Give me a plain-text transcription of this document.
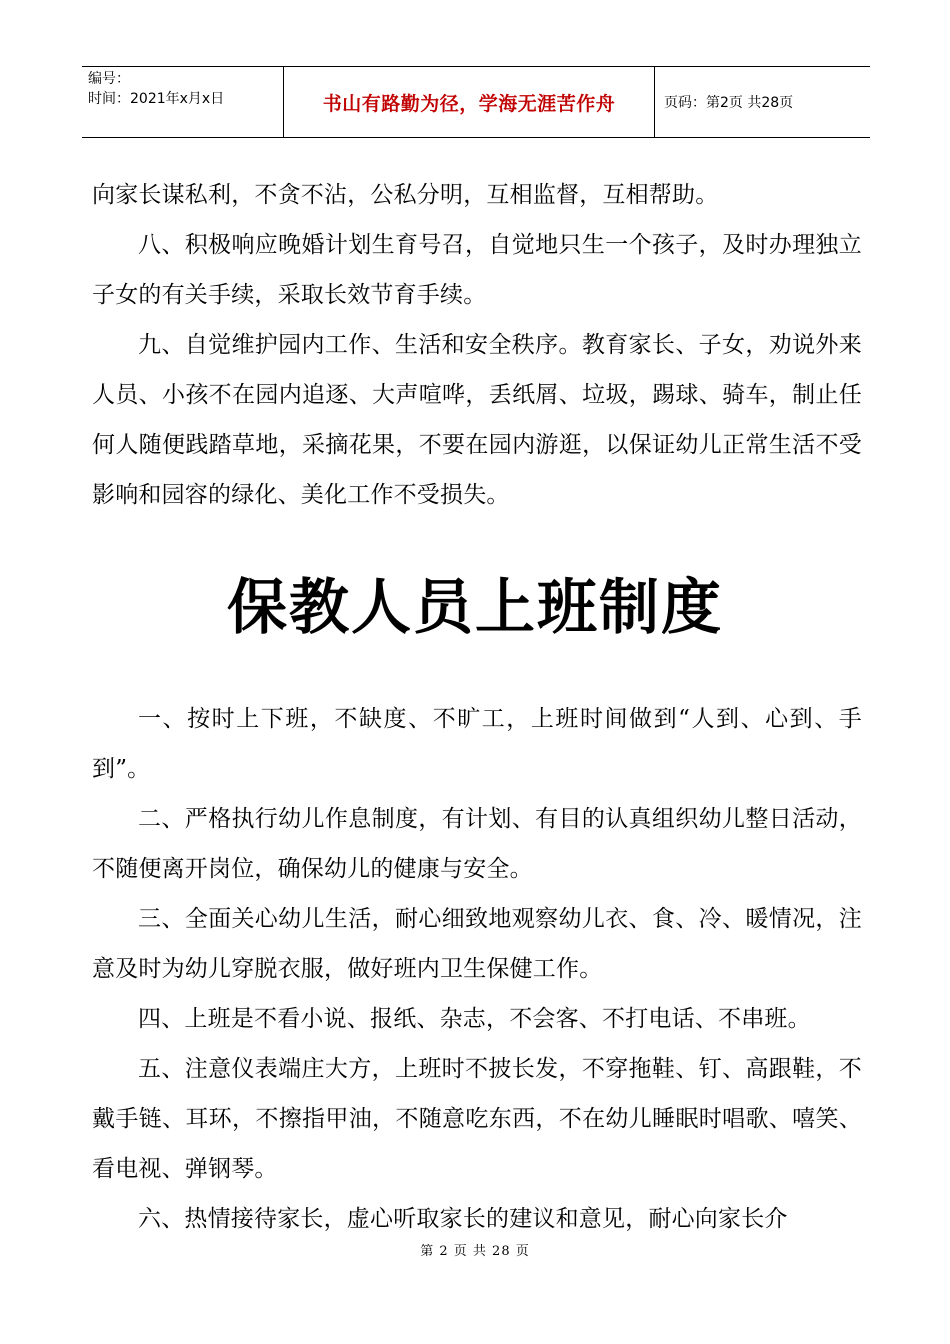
编号：
时间：2021年x月x日	书山有路勤为径，学海无涯苦作舟	页码：第2页 共28页

向家长谋私利，不贪不沾，公私分明，互相监督，互相帮助。

八、积极响应晚婚计划生育号召，自觉地只生一个孩子，及时办理独立子女的有关手续，采取长效节育手续。

九、自觉维护园内工作、生活和安全秩序。教育家长、子女，劝说外来人员、小孩不在园内追逐、大声喧哗，丢纸屑、垃圾，踢球、骑车，制止任何人随便践踏草地，采摘花果，不要在园内游逛，以保证幼儿正常生活不受影响和园容的绿化、美化工作不受损失。

保教人员上班制度

一、按时上下班，不缺度、不旷工，上班时间做到“人到、心到、手到”。

二、严格执行幼儿作息制度，有计划、有目的认真组织幼儿整日活动，不随便离开岗位，确保幼儿的健康与安全。

三、全面关心幼儿生活，耐心细致地观察幼儿衣、食、冷、暖情况，注意及时为幼儿穿脱衣服，做好班内卫生保健工作。

四、上班是不看小说、报纸、杂志，不会客、不打电话、不串班。

五、注意仪表端庄大方，上班时不披长发，不穿拖鞋、钉、高跟鞋，不戴手链、耳环，不擦指甲油，不随意吃东西，不在幼儿睡眠时唱歌、嘻笑、看电视、弹钢琴。

六、热情接待家长，虚心听取家长的建议和意见，耐心向家长介

第 2 页 共 28 页
